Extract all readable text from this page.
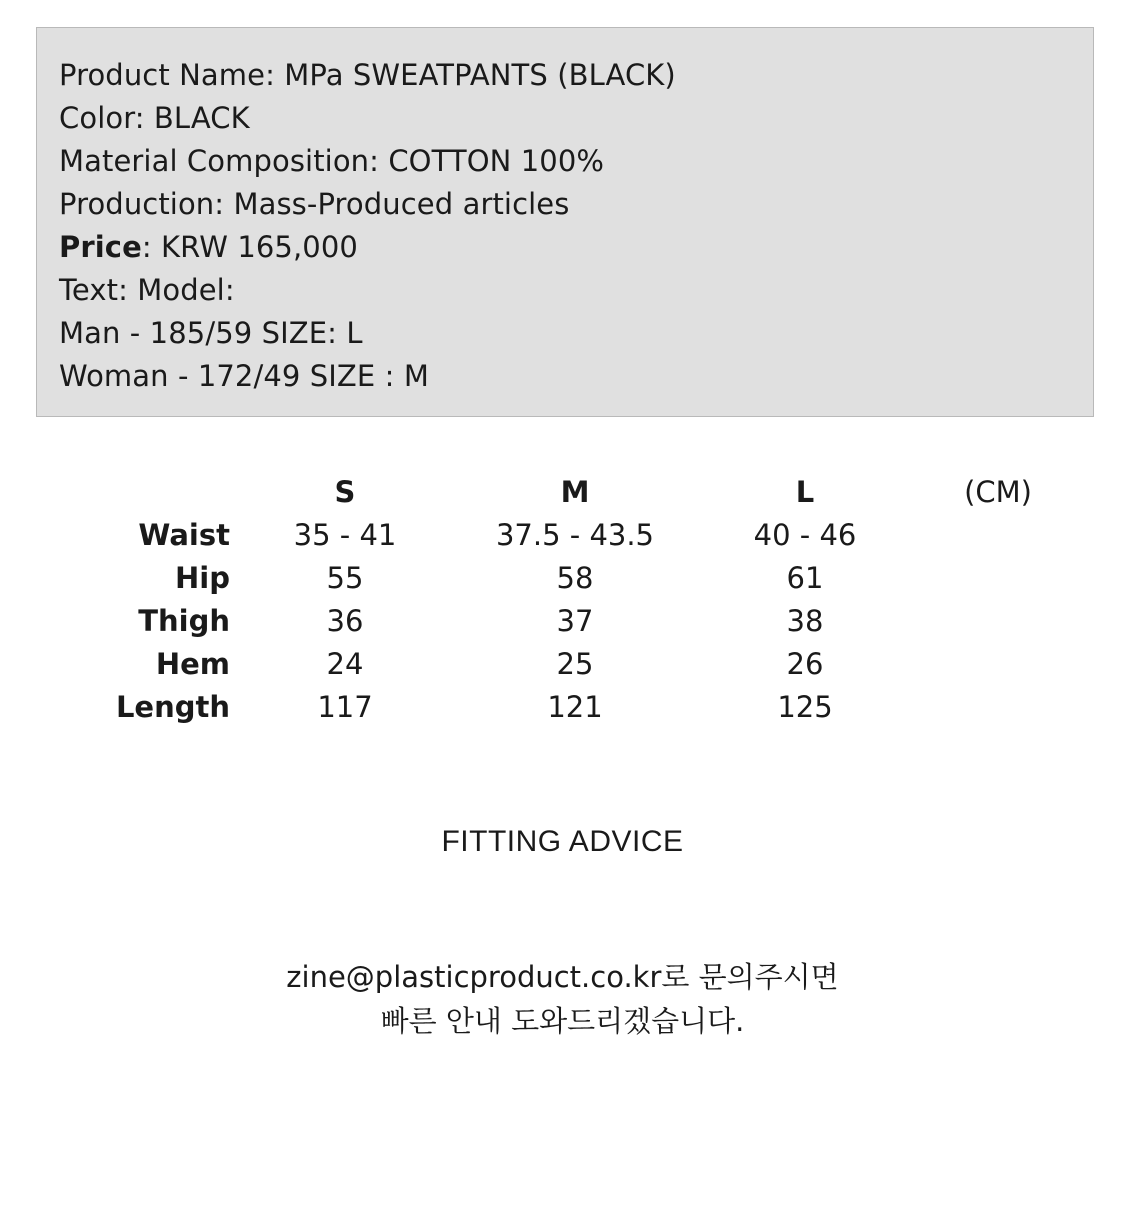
Product Name: MPa SWEATPANTS (BLACK)
Color: BLACK
Material Composition: COTTON 100%
Production: Mass-Produced articles
Price: KRW 165,000
Text: Model:
Man - 185/59 SIZE: L
Woman - 172/49 SIZE : M
	S	M	L	(CM)
Waist	35 - 41	37.5 - 43.5	40 - 46	
Hip	55	58	61	
Thigh	36	37	38	
Hem	24	25	26	
Length	117	121	125	
FITTING ADVICE
zine@plasticproduct.co.kr로 문의주시면
빠른 안내 도와드리겠습니다.
